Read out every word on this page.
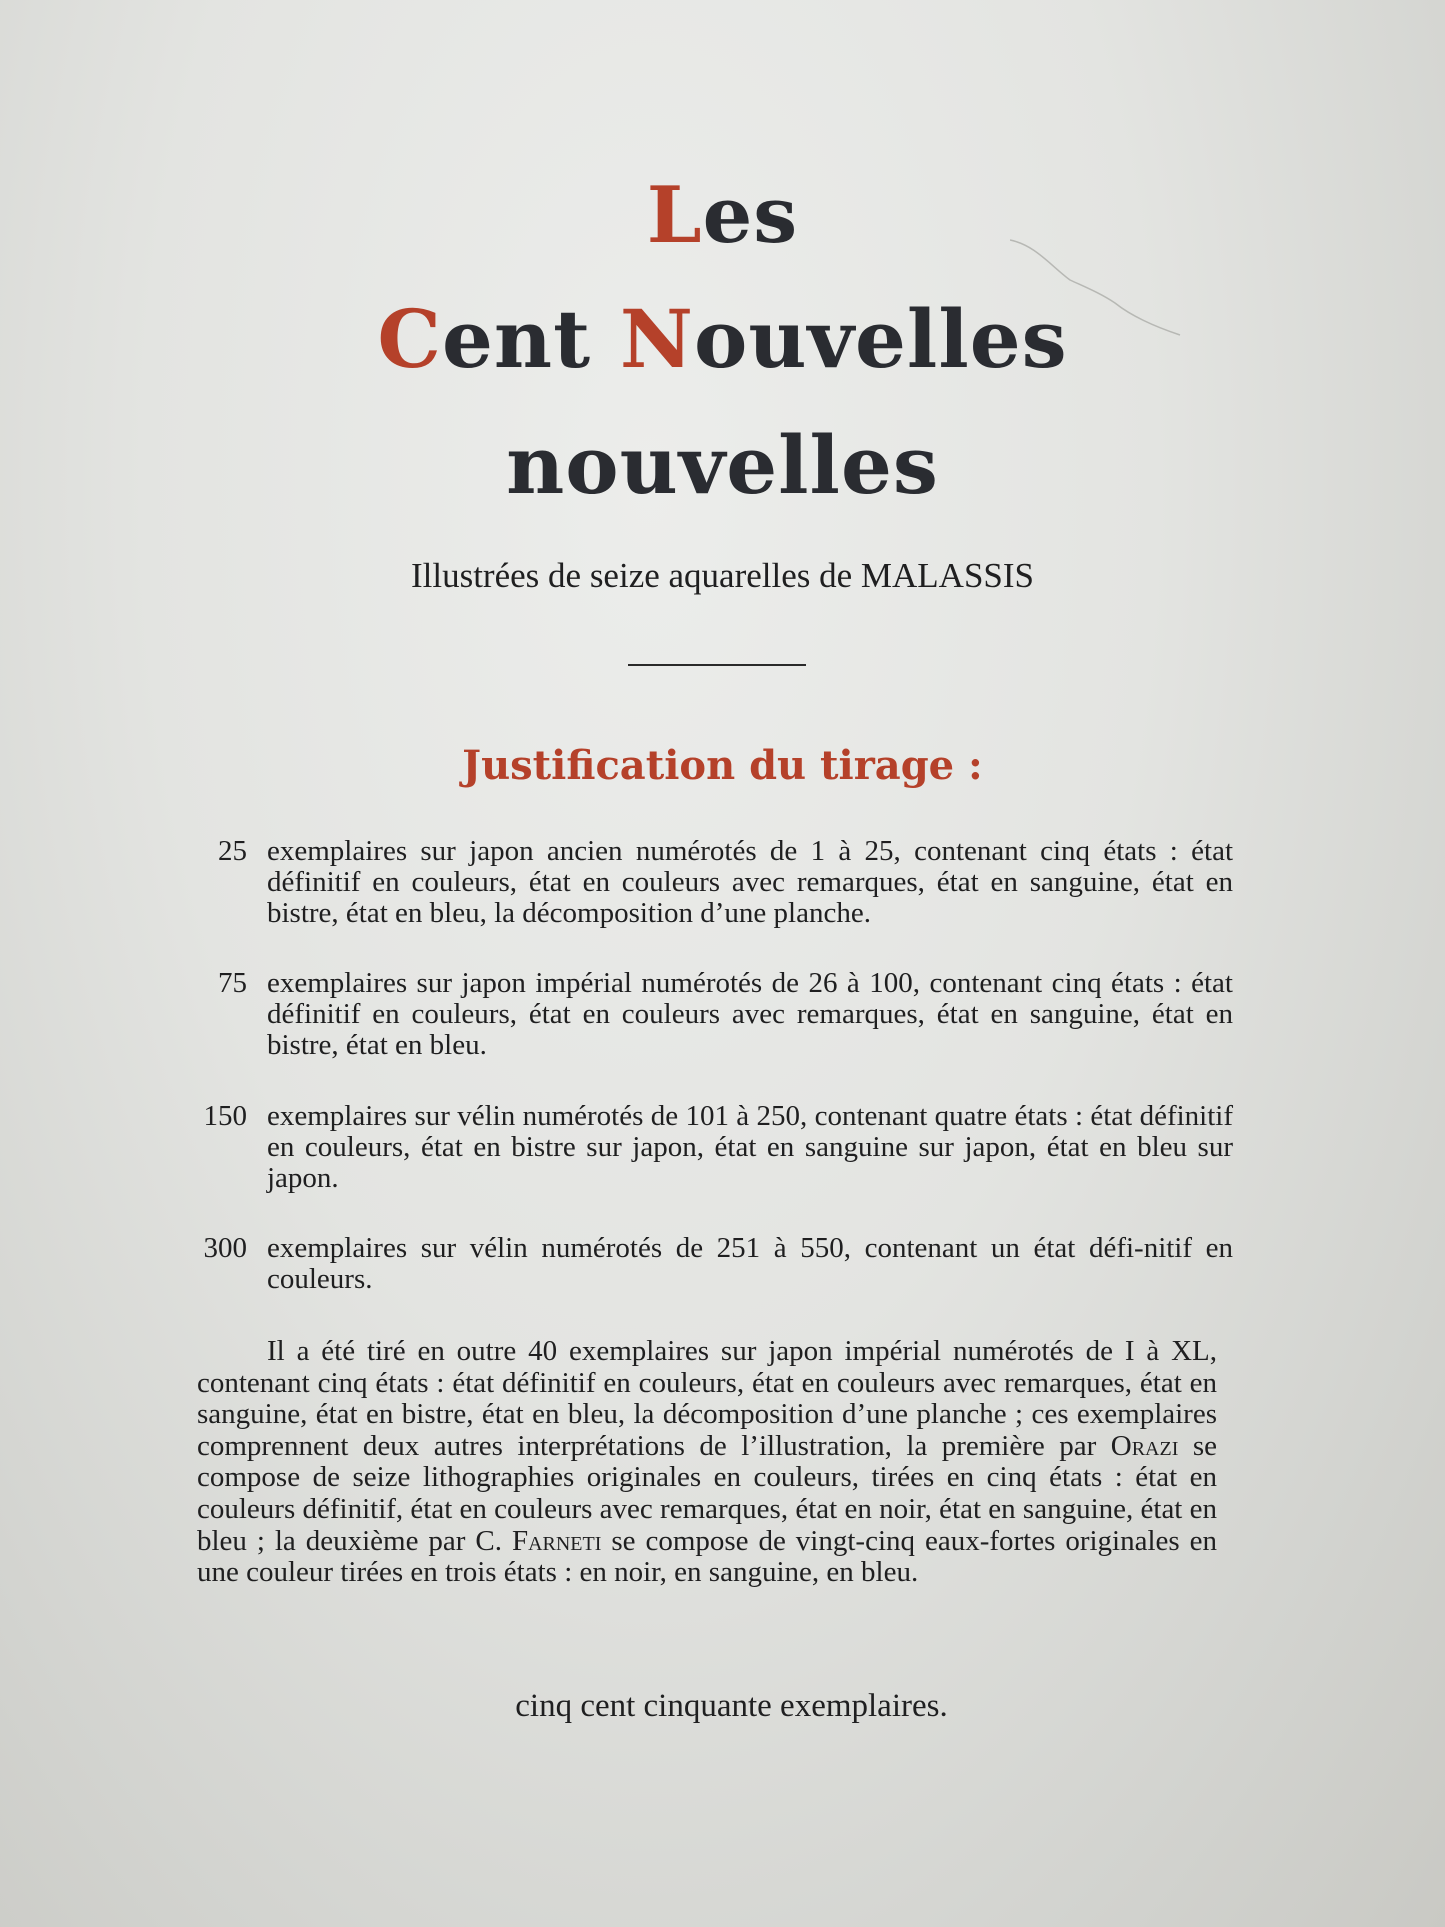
Les
Cent Nouvelles
nouvelles
Illustrées de seize aquarelles de MALASSIS
Justification du tirage :
25 exemplaires sur japon ancien numérotés de 1 à 25, contenant cinq états : état définitif en couleurs, état en couleurs avec remarques, état en sanguine, état en bistre, état en bleu, la décomposition d’une planche.
75 exemplaires sur japon impérial numérotés de 26 à 100, contenant cinq états : état définitif en couleurs, état en couleurs avec remarques, état en sanguine, état en bistre, état en bleu.
150 exemplaires sur vélin numérotés de 101 à 250, contenant quatre états : état définitif en couleurs, état en bistre sur japon, état en sanguine sur japon, état en bleu sur japon.
300 exemplaires sur vélin numérotés de 251 à 550, contenant un état défi-nitif en couleurs.
Il a été tiré en outre 40 exemplaires sur japon impérial numérotés de I à XL, contenant cinq états : état définitif en couleurs, état en couleurs avec remarques, état en sanguine, état en bistre, état en bleu, la décomposition d’une planche ; ces exemplaires comprennent deux autres interprétations de l’illustration, la première par Orazi se compose de seize lithographies originales en couleurs, tirées en cinq états : état en couleurs définitif, état en couleurs avec remarques, état en noir, état en sanguine, état en bleu ; la deuxième par C. Farneti se compose de vingt-cinq eaux-fortes originales en une couleur tirées en trois états : en noir, en sanguine, en bleu.
cinq cent cinquante exemplaires.
